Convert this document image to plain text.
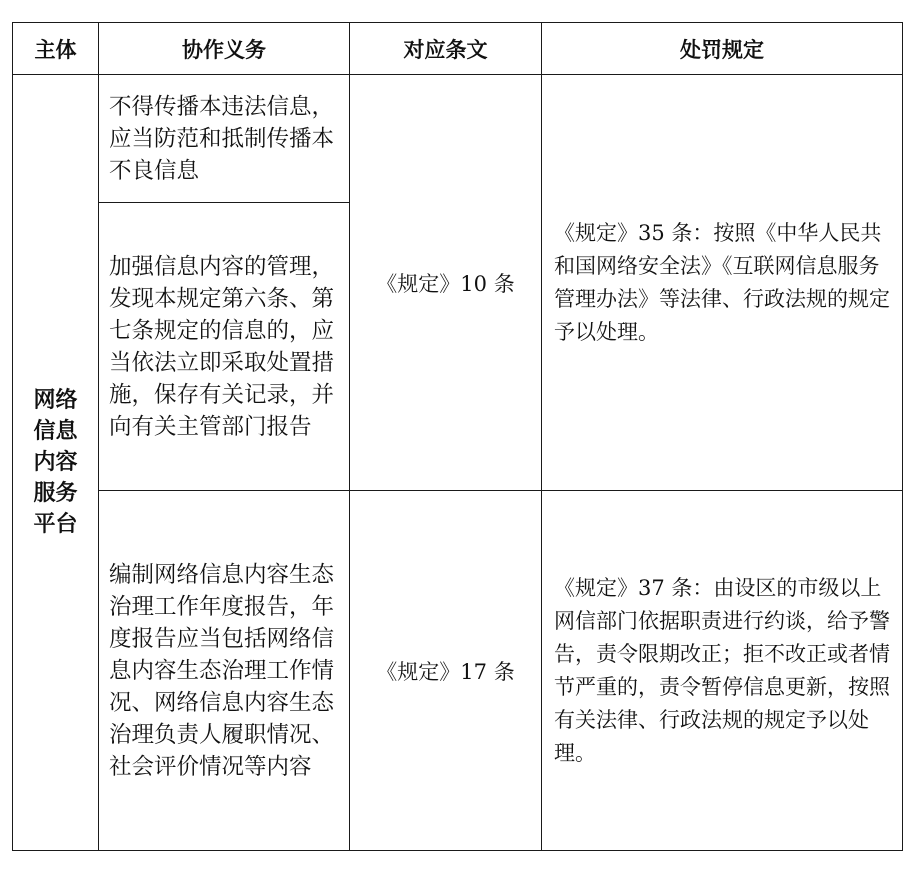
主体	协作义务	对应条文	处罚规定
网络信息内容服务平台	不得传播本违法信息，应当防范和抵制传播本不良信息	《规定》10 条	《规定》35 条：按照《中华人民共和国网络安全法》《互联网信息服务管理办法》等法律、行政法规的规定予以处理。
	加强信息内容的管理，发现本规定第六条、第七条规定的信息的，应当依法立即采取处置措施，保存有关记录，并向有关主管部门报告		
	编制网络信息内容生态治理工作年度报告，年度报告应当包括网络信息内容生态治理工作情况、网络信息内容生态治理负责人履职情况、社会评价情况等内容	《规定》17 条	《规定》37 条：由设区的市级以上网信部门依据职责进行约谈，给予警告，责令限期改正；拒不改正或者情节严重的，责令暂停信息更新，按照有关法律、行政法规的规定予以处理。
